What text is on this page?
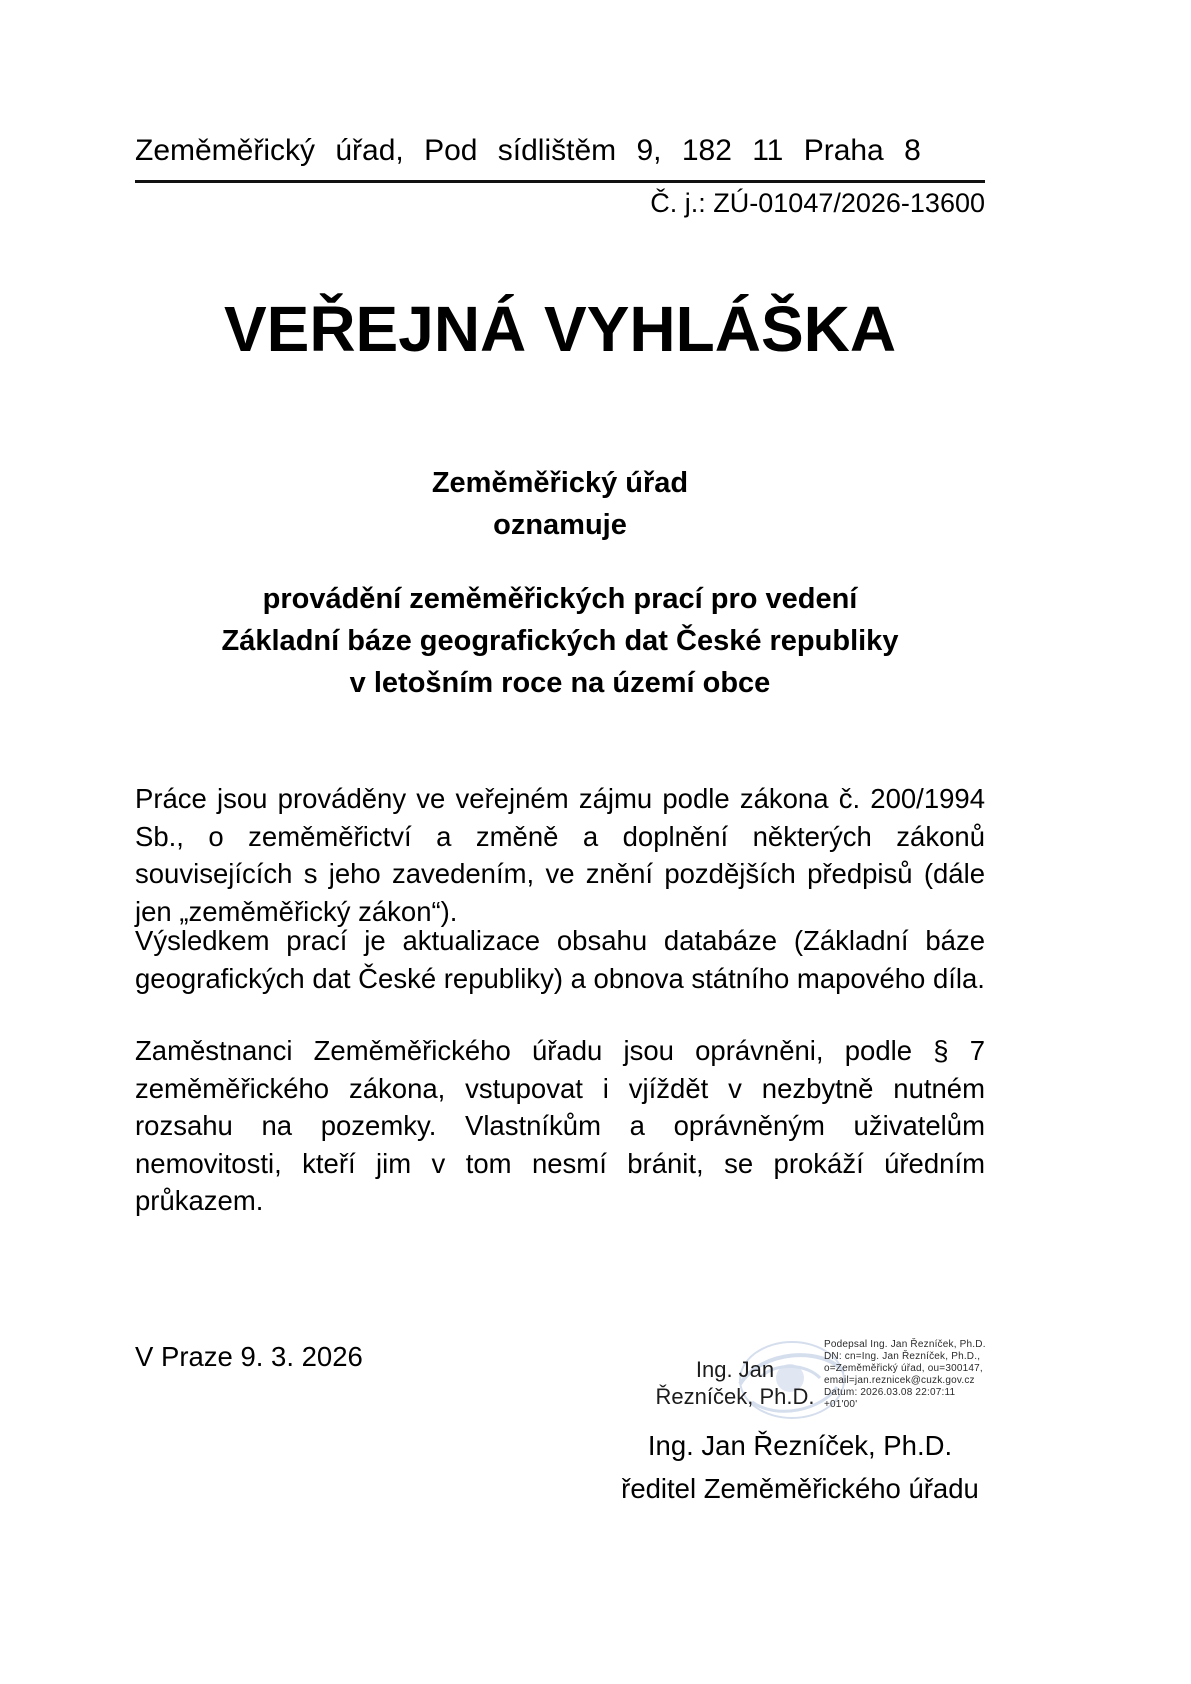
Zeměměřický úřad, Pod sídlištěm 9, 182 11 Praha 8
Č. j.: ZÚ-01047/2026-13600
VEŘEJNÁ VYHLÁŠKA
Zeměměřický úřad
oznamuje
provádění zeměměřických prací pro vedení
Základní báze geografických dat České republiky
v letošním roce na území obce

Práce jsou prováděny ve veřejném zájmu podle zákona č. 200/1994 Sb., o zeměměřictví a změně a doplnění některých zákonů souvisejících s jeho zavedením, ve znění pozdějších předpisů (dále jen „zeměměřický zákon“).

Výsledkem prací je aktualizace obsahu databáze (Základní báze geografických dat České republiky) a obnova státního mapového díla.

Zaměstnanci Zeměměřického úřadu jsou oprávněni, podle § 7 zeměměřického zákona, vstupovat i vjíždět v nezbytně nutném rozsahu na pozemky. Vlastníkům a oprávněným uživatelům nemovitosti, kteří jim v tom nesmí bránit, se prokáží úředním průkazem.

V Praze 9. 3. 2026	Ing. Jan
Řezníček, Ph.D.
Podepsal Ing. Jan Řezníček, Ph.D.
DN: cn=Ing. Jan Řezníček, Ph.D.,
o=Zeměměřický úřad, ou=300147,
email=jan.reznicek@cuzk.gov.cz
Datum: 2026.03.08 22:07:11
+01'00'
Ing. Jan Řezníček, Ph.D.
ředitel Zeměměřického úřadu
